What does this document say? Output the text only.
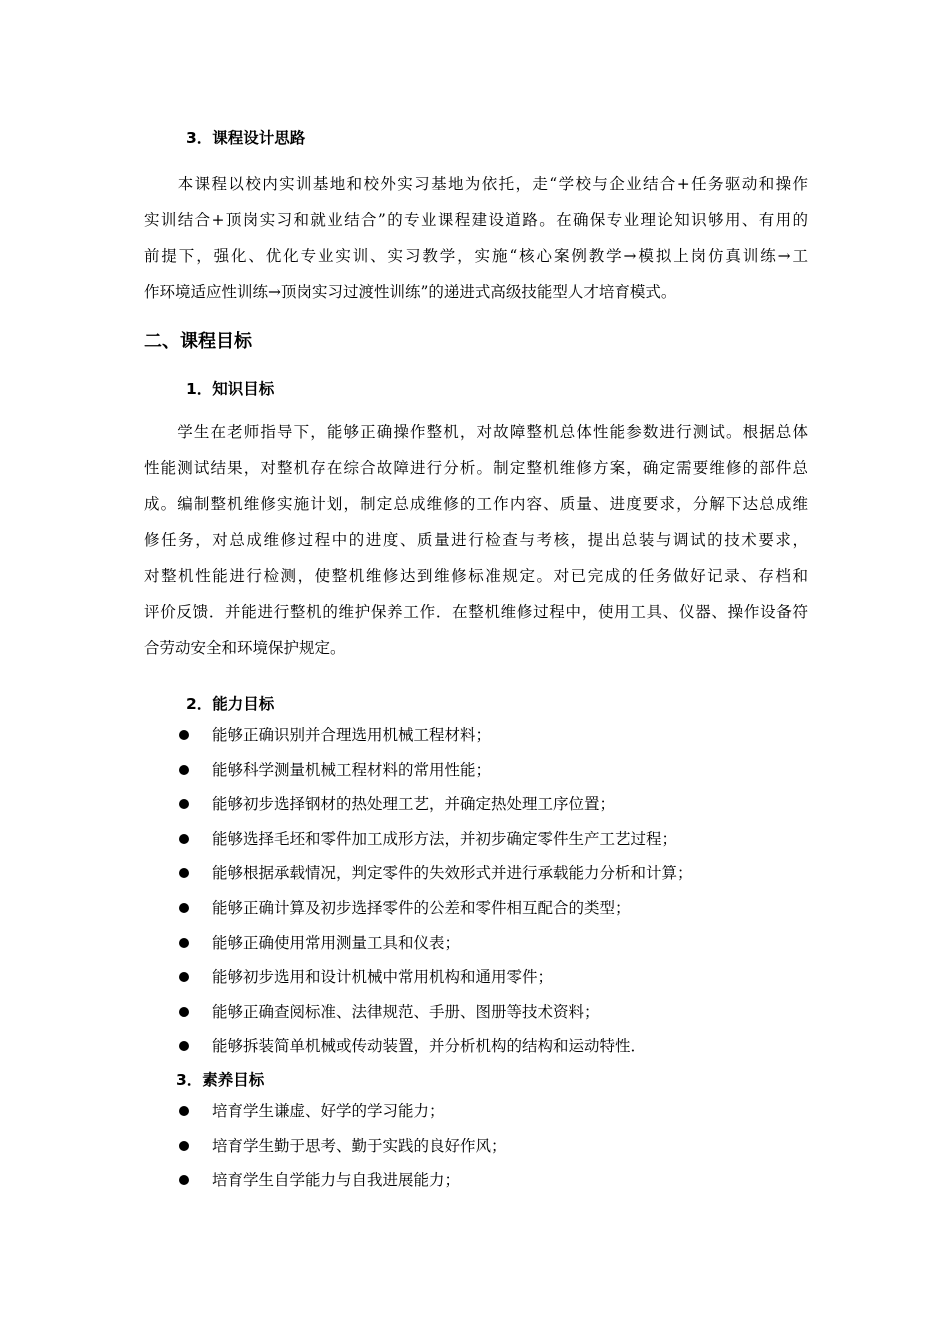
3．课程设计思路
　　本课程以校内实训基地和校外实习基地为依托，走“学校与企业结合+任务驱动和操作
实训结合+顶岗实习和就业结合”的专业课程建设道路。在确保专业理论知识够用、有用的
前提下，强化、优化专业实训、实习教学，实施“核心案例教学→模拟上岗仿真训练→工
作环境适应性训练→顶岗实习过渡性训练”的递进式高级技能型人才培育模式。
二、课程目标
1．知识目标
　　学生在老师指导下，能够正确操作整机，对故障整机总体性能参数进行测试。根据总体
性能测试结果，对整机存在综合故障进行分析。制定整机维修方案，确定需要维修的部件总
成。编制整机维修实施计划，制定总成维修的工作内容、质量、进度要求，分解下达总成维
修任务，对总成维修过程中的进度、质量进行检查与考核，提出总装与调试的技术要求，
对整机性能进行检测，使整机维修达到维修标准规定。对已完成的任务做好记录、存档和
评价反馈．并能进行整机的维护保养工作．在整机维修过程中，使用工具、仪器、操作设备符
合劳动安全和环境保护规定。
2．能力目标
能够正确识别并合理选用机械工程材料；
能够科学测量机械工程材料的常用性能；
能够初步选择钢材的热处理工艺，并确定热处理工序位置；
能够选择毛坯和零件加工成形方法，并初步确定零件生产工艺过程；
能够根据承载情况，判定零件的失效形式并进行承载能力分析和计算；
能够正确计算及初步选择零件的公差和零件相互配合的类型；
能够正确使用常用测量工具和仪表；
能够初步选用和设计机械中常用机构和通用零件；
能够正确查阅标准、法律规范、手册、图册等技术资料；
能够拆装简单机械或传动装置，并分析机构的结构和运动特性．
3．素养目标
培育学生谦虚、好学的学习能力；
培育学生勤于思考、勤于实践的良好作风；
培育学生自学能力与自我进展能力；
